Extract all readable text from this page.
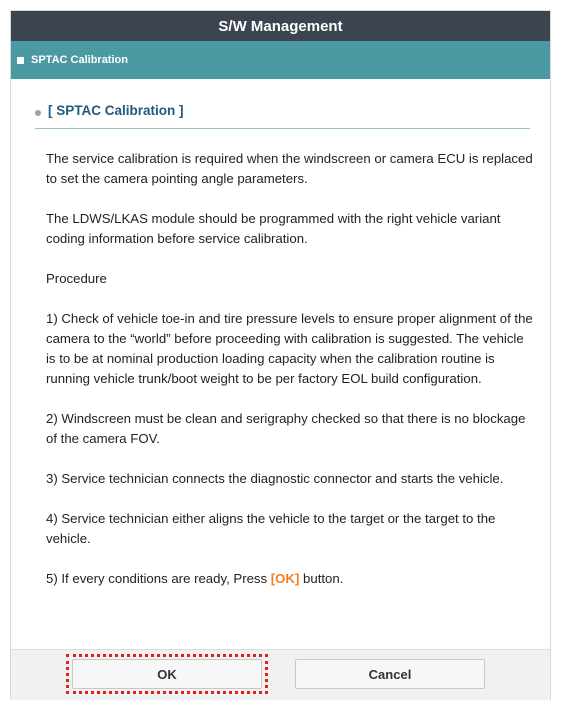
S/W Management
SPTAC Calibration
[ SPTAC Calibration ]

The service calibration is required when the windscreen or camera ECU is replaced to set the camera pointing angle parameters.

The LDWS/LKAS module should be programmed with the right vehicle variant coding information before service calibration.

Procedure

1) Check of vehicle toe-in and tire pressure levels to ensure proper alignment of the camera to the “world” before proceeding with calibration is suggested. The vehicle is to be at nominal production loading capacity when the calibration routine is running vehicle trunk/boot weight to be per factory EOL build configuration.

2) Windscreen must be clean and serigraphy checked so that there is no blockage of the camera FOV.

3) Service technician connects the diagnostic connector and starts the vehicle.

4) Service technician either aligns the vehicle to the target or the target to the vehicle.

5) If every conditions are ready, Press [OK] button.

OK	Cancel
